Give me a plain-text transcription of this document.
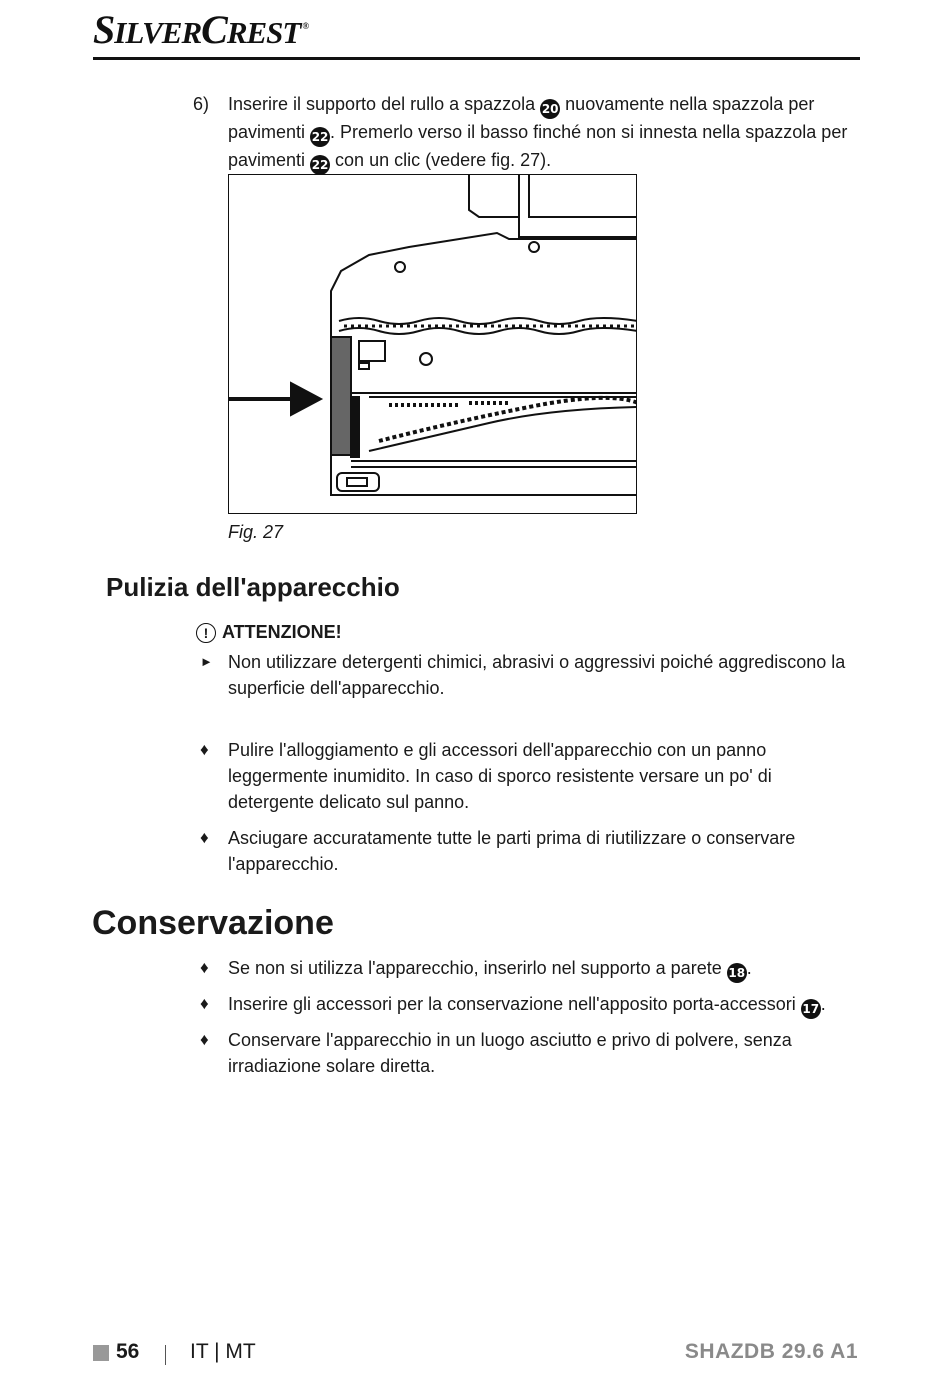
SILVERCREST ®
6) Inserire il supporto del rullo a spazzola 20 nuovamente nella spazzola per pavimenti 22. Premerlo verso il basso finché non si innesta nella spazzola per pavimenti 22 con un clic (vedere fig. 27).
Fig. 27
Pulizia dell'apparecchio
! ATTENZIONE!
► Non utilizzare detergenti chimici, abrasivi o aggressivi poiché aggrediscono la superficie dell'apparecchio.
♦ Pulire l'alloggiamento e gli accessori dell'apparecchio con un panno leggermente inumidito. In caso di sporco resistente versare un po' di detergente delicato sul panno.
♦ Asciugare accuratamente tutte le parti prima di riutilizzare o conservare l'apparecchio.
Conservazione
♦ Se non si utilizza l'apparecchio, inserirlo nel supporto a parete 18.
♦ Inserire gli accessori per la conservazione nell'apposito porta-accessori 17.
♦ Conservare l'apparecchio in un luogo asciutto e privo di polvere, senza irradiazione solare diretta.
56 IT | MT	SHAZDB 29.6 A1
